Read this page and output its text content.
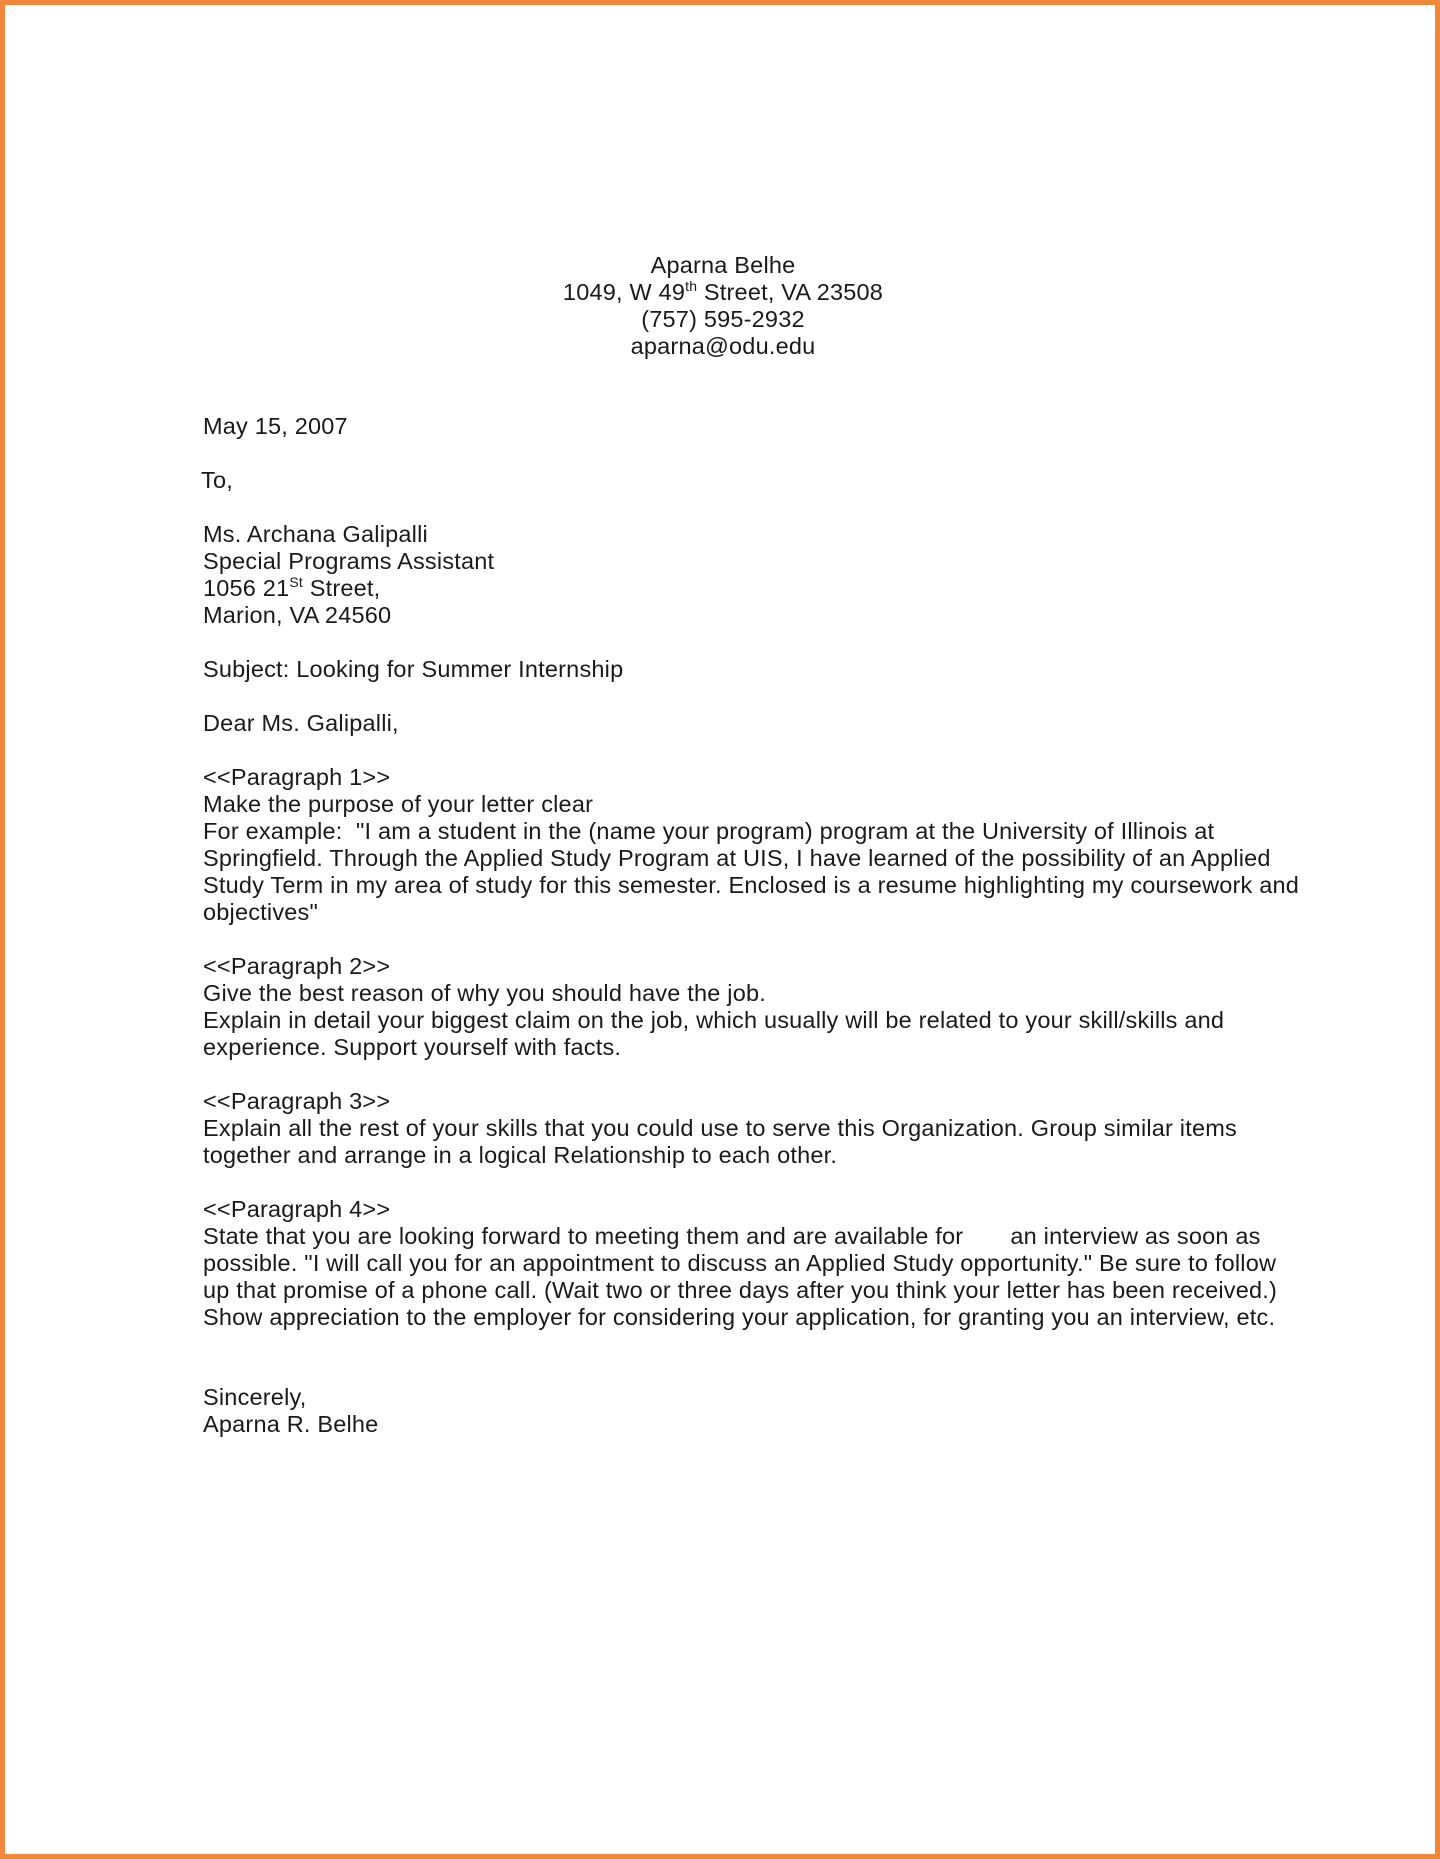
Aparna Belhe
1049, W 49th Street, VA 23508
(757) 595-2932
aparna@odu.edu
May 15, 2007
To,
Ms. Archana Galipalli
Special Programs Assistant
1056 21St Street,
Marion, VA 24560
Subject: Looking for Summer Internship
Dear Ms. Galipalli,
<<Paragraph 1>>
Make the purpose of your letter clear
For example:  "I am a student in the (name your program) program at the University of Illinois at
Springfield. Through the Applied Study Program at UIS, I have learned of the possibility of an Applied
Study Term in my area of study for this semester. Enclosed is a resume highlighting my coursework and
objectives"
<<Paragraph 2>>
Give the best reason of why you should have the job.
Explain in detail your biggest claim on the job, which usually will be related to your skill/skills and
experience. Support yourself with facts.
<<Paragraph 3>>
Explain all the rest of your skills that you could use to serve this Organization. Group similar items
together and arrange in a logical Relationship to each other.
<<Paragraph 4>>
State that you are looking forward to meeting them and are available for       an interview as soon as
possible. "I will call you for an appointment to discuss an Applied Study opportunity." Be sure to follow
up that promise of a phone call. (Wait two or three days after you think your letter has been received.)
Show appreciation to the employer for considering your application, for granting you an interview, etc.
Sincerely,
Aparna R. Belhe
